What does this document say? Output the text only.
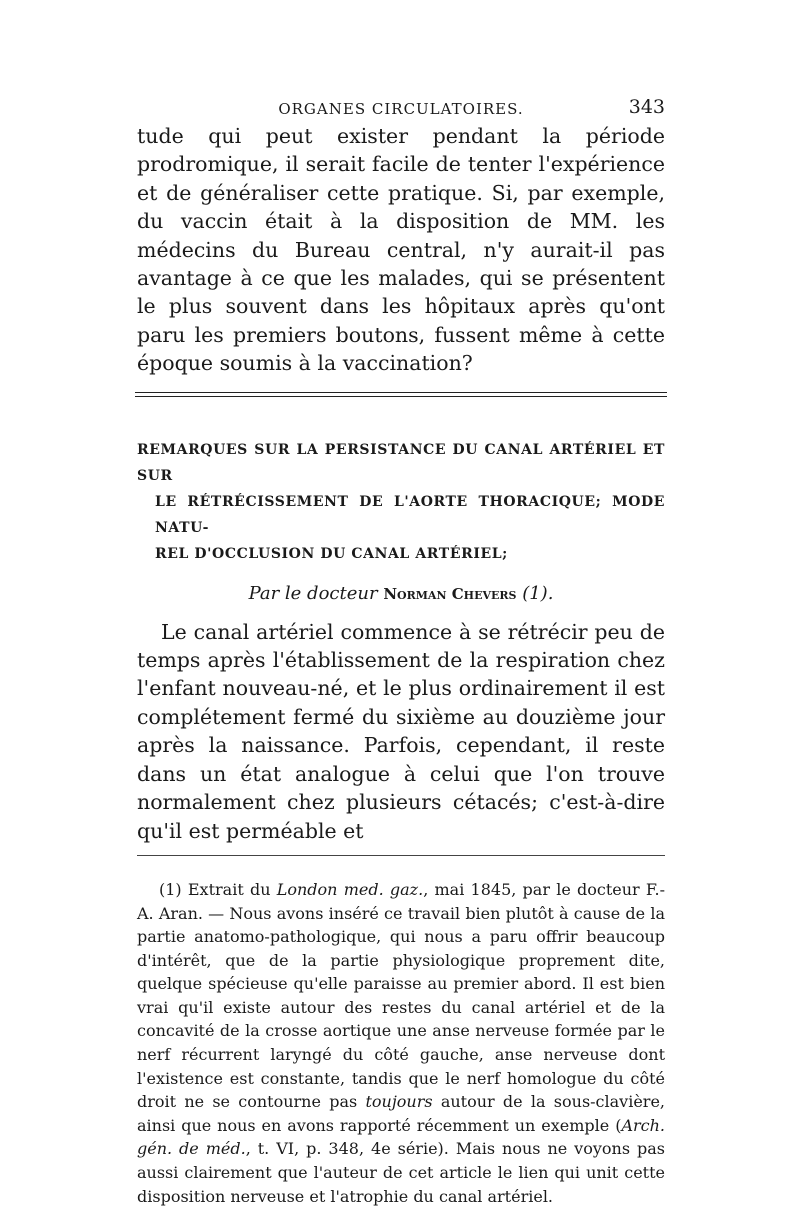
ORGANES CIRCULATOIRES.	343

tude qui peut exister pendant la période prodromique, il serait facile de tenter l'expérience et de généraliser cette pratique. Si, par exemple, du vaccin était à la disposition de MM. les médecins du Bureau central, n'y aurait-il pas avantage à ce que les malades, qui se présentent le plus souvent dans les hôpitaux après qu'ont paru les premiers boutons, fussent même à cette époque soumis à la vaccination?

REMARQUES SUR LA PERSISTANCE DU CANAL ARTÉRIEL ET SUR
LE RÉTRÉCISSEMENT DE L'AORTE THORACIQUE; MODE NATU-
REL D'OCCLUSION DU CANAL ARTÉRIEL;
Par le docteur Norman Chevers (1).

Le canal artériel commence à se rétrécir peu de temps après l'établissement de la respiration chez l'enfant nouveau-né, et le plus ordinairement il est complétement fermé du sixième au douzième jour après la naissance. Parfois, cependant, il reste dans un état analogue à celui que l'on trouve normalement chez plusieurs cétacés; c'est-à-dire qu'il est perméable et

(1) Extrait du London med. gaz., mai 1845, par le docteur F.-A. Aran. — Nous avons inséré ce travail bien plutôt à cause de la partie anatomo-pathologique, qui nous a paru offrir beaucoup d'intérêt, que de la partie physiologique proprement dite, quelque spécieuse qu'elle paraisse au premier abord. Il est bien vrai qu'il existe autour des restes du canal artériel et de la concavité de la crosse aortique une anse nerveuse formée par le nerf récurrent laryngé du côté gauche, anse nerveuse dont l'existence est constante, tandis que le nerf homologue du côté droit ne se contourne pas toujours autour de la sous-clavière, ainsi que nous en avons rapporté récemment un exemple (Arch. gén. de méd., t. VI, p. 348, 4e série). Mais nous ne voyons pas aussi clairement que l'auteur de cet article le lien qui unit cette disposition nerveuse et l'atrophie du canal artériel.
